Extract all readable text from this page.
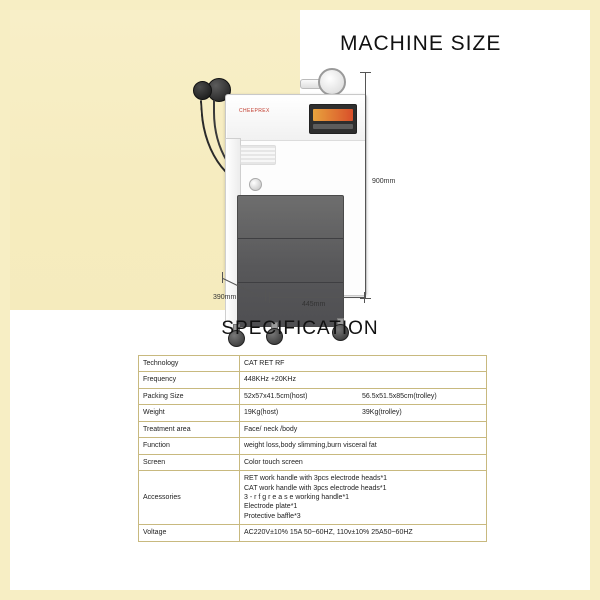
MACHINE SIZE
CHEEPREX
900mm
390mm
445mm
SPECIFICATION
Technology	CAT RET RF
Frequency	448KHz +20KHz
Packing Size	52x57x41.5cm(host) 56.5x51.5x85cm(trolley)

Weight	19Kg(host) 39Kg(trolley)

Treatment area	Face/ neck /body
Function	weight loss,body slimming,burn visceral fat
Screen	Color touch screen
Accessories	RET work handle with 3pcs electrode heads*1
CAT work handle with 3pcs electrode heads*1
3 - r f g r e a s e working handle*1
Electrode plate*1
Protective baffle*3

Voltage	AC220V±10% 15A 50~60HZ, 110v±10% 25A50~60HZ
